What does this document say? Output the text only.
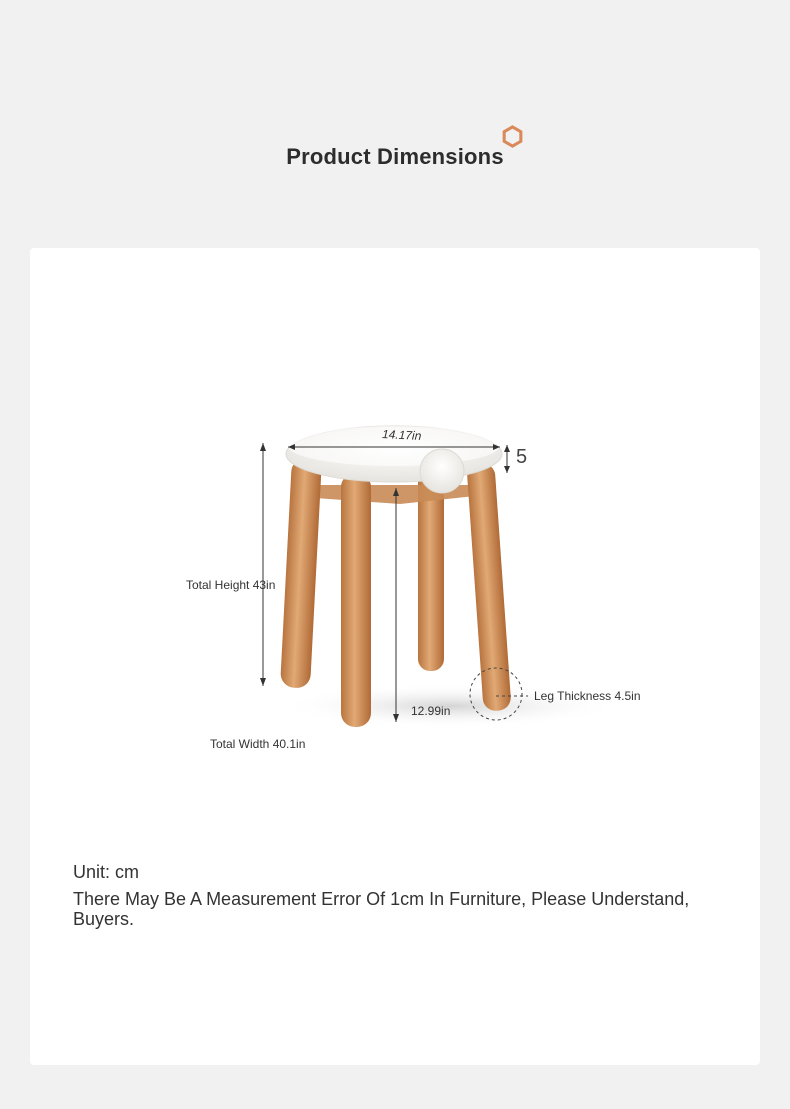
Product Dimensions
14.17in
5
Total Height 43in
12.99in
Leg Thickness 4.5in
Total Width 40.1in
Unit: cm
There May Be A Measurement Error Of 1cm In Furniture, Please Understand, Buyers.
